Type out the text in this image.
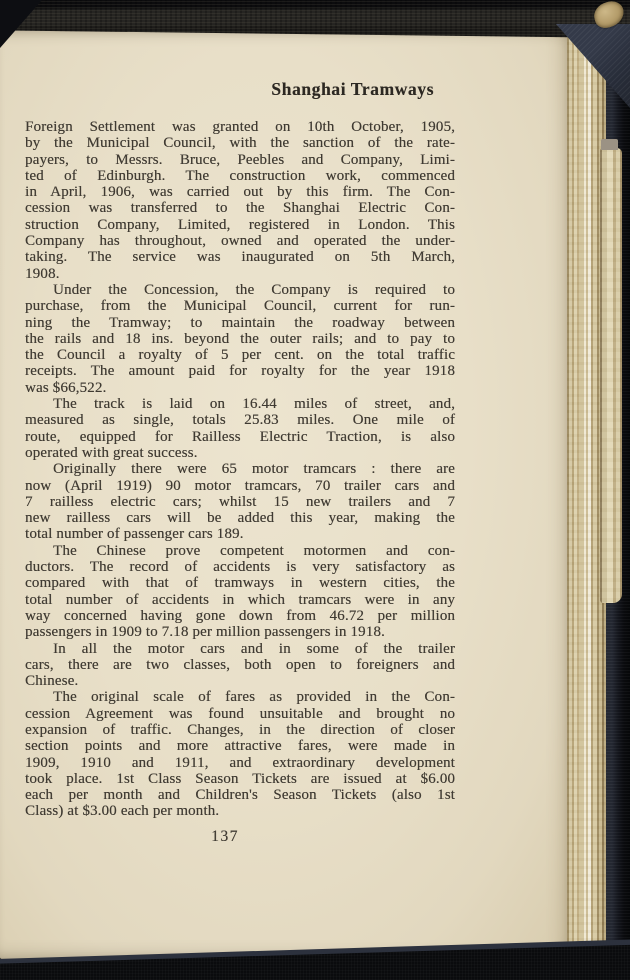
Shanghai Tramways
Foreign Settlement was granted on 10th October, 1905,
by the Municipal Council, with the sanction of the rate-
payers, to Messrs. Bruce, Peebles and Company, Limi-
ted of Edinburgh. The construction work, commenced
in April, 1906, was carried out by this firm. The Con-
cession was transferred to the Shanghai Electric Con-
struction Company, Limited, registered in London. This
Company has throughout, owned and operated the under-
taking. The service was inaugurated on 5th March,
1908.
Under the Concession, the Company is required to
purchase, from the Municipal Council, current for run-
ning the Tramway; to maintain the roadway between
the rails and 18 ins. beyond the outer rails; and to pay to
the Council a royalty of 5 per cent. on the total traffic
receipts. The amount paid for royalty for the year 1918
was $66,522.
The track is laid on 16.44 miles of street, and,
measured as single, totals 25.83 miles. One mile of
route, equipped for Railless Electric Traction, is also
operated with great success.
Originally there were 65 motor tramcars : there are
now (April 1919) 90 motor tramcars, 70 trailer cars and
7 railless electric cars; whilst 15 new trailers and 7
new railless cars will be added this year, making the
total number of passenger cars 189.
The Chinese prove competent motormen and con-
ductors. The record of accidents is very satisfactory as
compared with that of tramways in western cities, the
total number of accidents in which tramcars were in any
way concerned having gone down from 46.72 per million
passengers in 1909 to 7.18 per million passengers in 1918.
In all the motor cars and in some of the trailer
cars, there are two classes, both open to foreigners and
Chinese.
The original scale of fares as provided in the Con-
cession Agreement was found unsuitable and brought no
expansion of traffic. Changes, in the direction of closer
section points and more attractive fares, were made in
1909, 1910 and 1911, and extraordinary development
took place. 1st Class Season Tickets are issued at $6.00
each per month and Children's Season Tickets (also 1st
Class) at $3.00 each per month.
137
